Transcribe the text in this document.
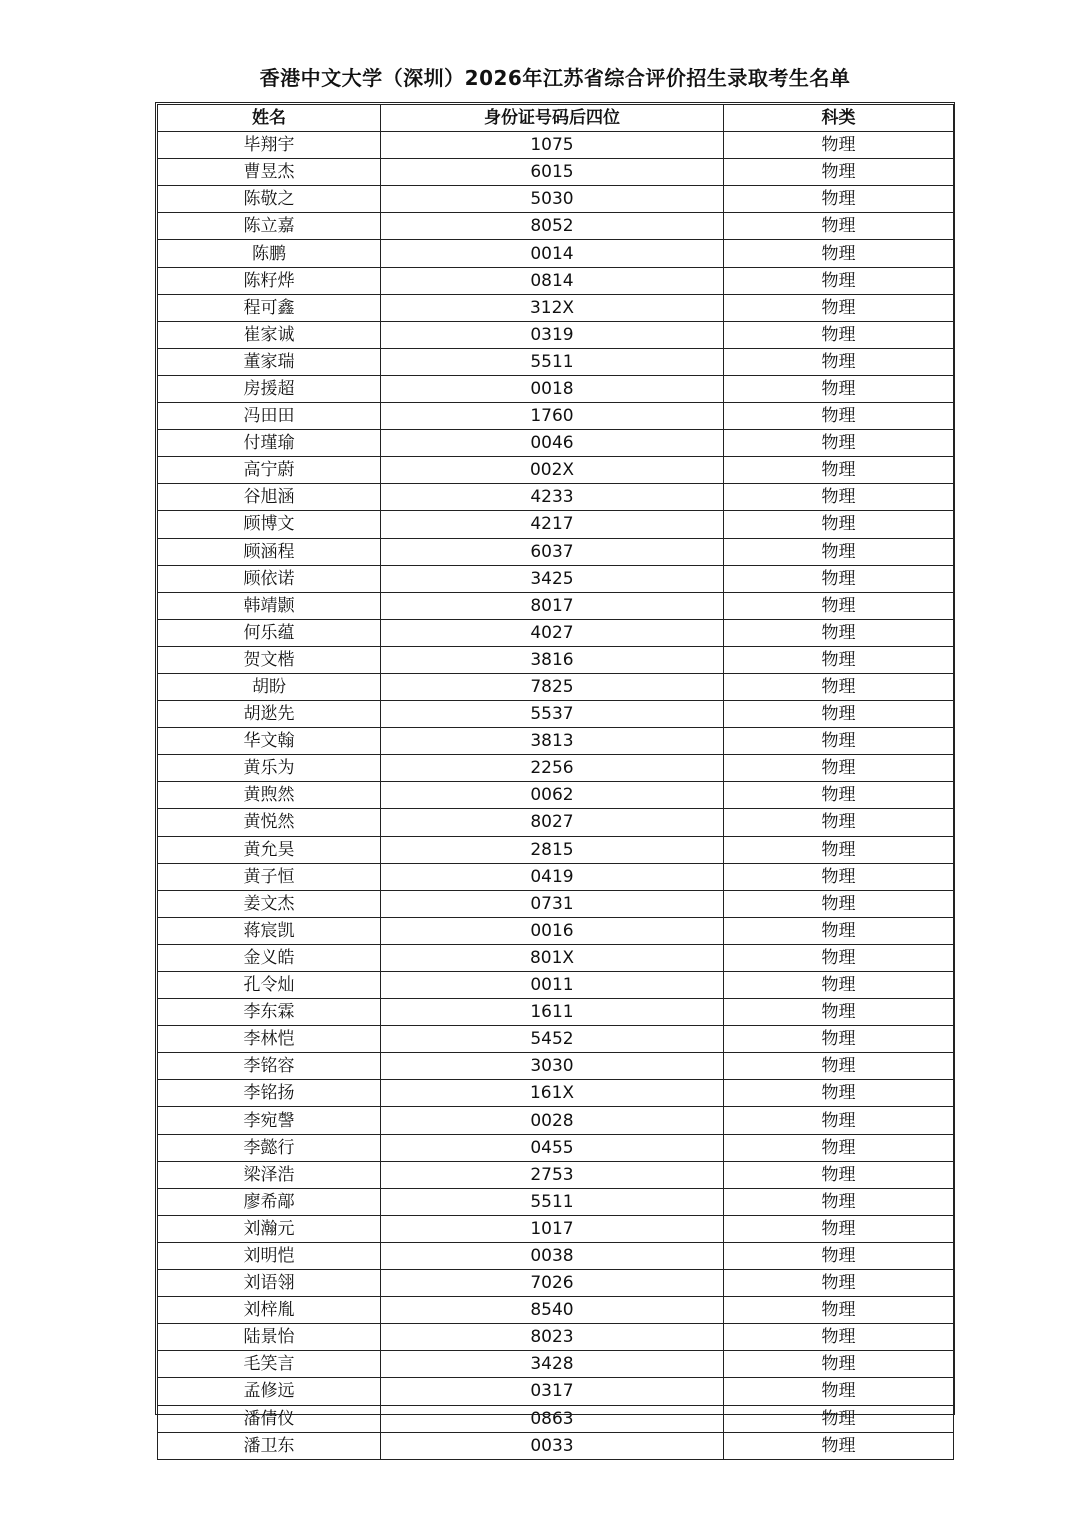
香港中文大学（深圳）2026年江苏省综合评价招生录取考生名单
姓名	身份证号码后四位	科类
毕翔宇	1075	物理
曹昱杰	6015	物理
陈敬之	5030	物理
陈立嘉	8052	物理
陈鹏	0014	物理
陈籽烨	0814	物理
程可鑫	312X	物理
崔家诚	0319	物理
董家瑞	5511	物理
房援超	0018	物理
冯田田	1760	物理
付瑾瑜	0046	物理
高宁蔚	002X	物理
谷旭涵	4233	物理
顾博文	4217	物理
顾涵程	6037	物理
顾依诺	3425	物理
韩靖颢	8017	物理
何乐蕴	4027	物理
贺文楷	3816	物理
胡盼	7825	物理
胡逖先	5537	物理
华文翰	3813	物理
黄乐为	2256	物理
黄煦然	0062	物理
黄悦然	8027	物理
黄允昊	2815	物理
黄子恒	0419	物理
姜文杰	0731	物理
蒋宸凯	0016	物理
金义皓	801X	物理
孔令灿	0011	物理
李东霖	1611	物理
李林恺	5452	物理
李铭容	3030	物理
李铭扬	161X	物理
李宛謦	0028	物理
李懿行	0455	物理
梁泽浩	2753	物理
廖希鄗	5511	物理
刘瀚元	1017	物理
刘明恺	0038	物理
刘语翎	7026	物理
刘梓胤	8540	物理
陆景怡	8023	物理
毛笑言	3428	物理
孟修远	0317	物理
潘倩仪	0863	物理
潘卫东	0033	物理
